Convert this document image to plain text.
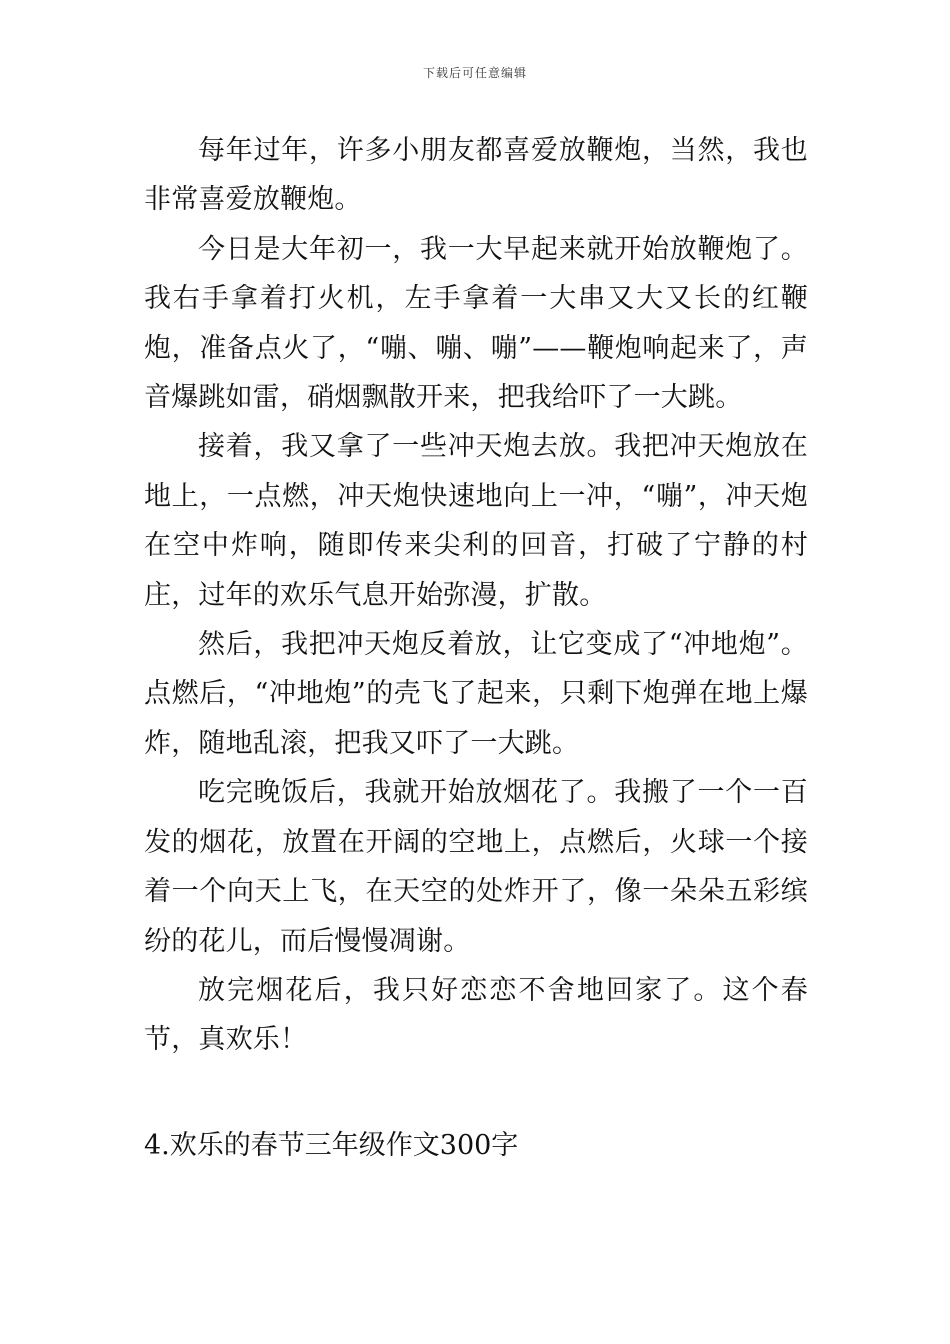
下载后可任意编辑

每年过年，许多小朋友都喜爱放鞭炮，当然，我也非常喜爱放鞭炮。

今日是大年初一，我一大早起来就开始放鞭炮了。我右手拿着打火机，左手拿着一大串又大又长的红鞭炮，准备点火了，“嘣、嘣、嘣”——鞭炮响起来了，声音爆跳如雷，硝烟飘散开来，把我给吓了一大跳。

接着，我又拿了一些冲天炮去放。我把冲天炮放在地上，一点燃，冲天炮快速地向上一冲，“嘣”，冲天炮在空中炸响，随即传来尖利的回音，打破了宁静的村庄，过年的欢乐气息开始弥漫，扩散。

然后，我把冲天炮反着放，让它变成了“冲地炮”。点燃后，“冲地炮”的壳飞了起来，只剩下炮弹在地上爆炸，随地乱滚，把我又吓了一大跳。

吃完晚饭后，我就开始放烟花了。我搬了一个一百发的烟花，放置在开阔的空地上，点燃后，火球一个接着一个向天上飞，在天空的处炸开了，像一朵朵五彩缤纷的花儿，而后慢慢凋谢。

放完烟花后，我只好恋恋不舍地回家了。这个春节，真欢乐！

4.欢乐的春节三年级作文300字
